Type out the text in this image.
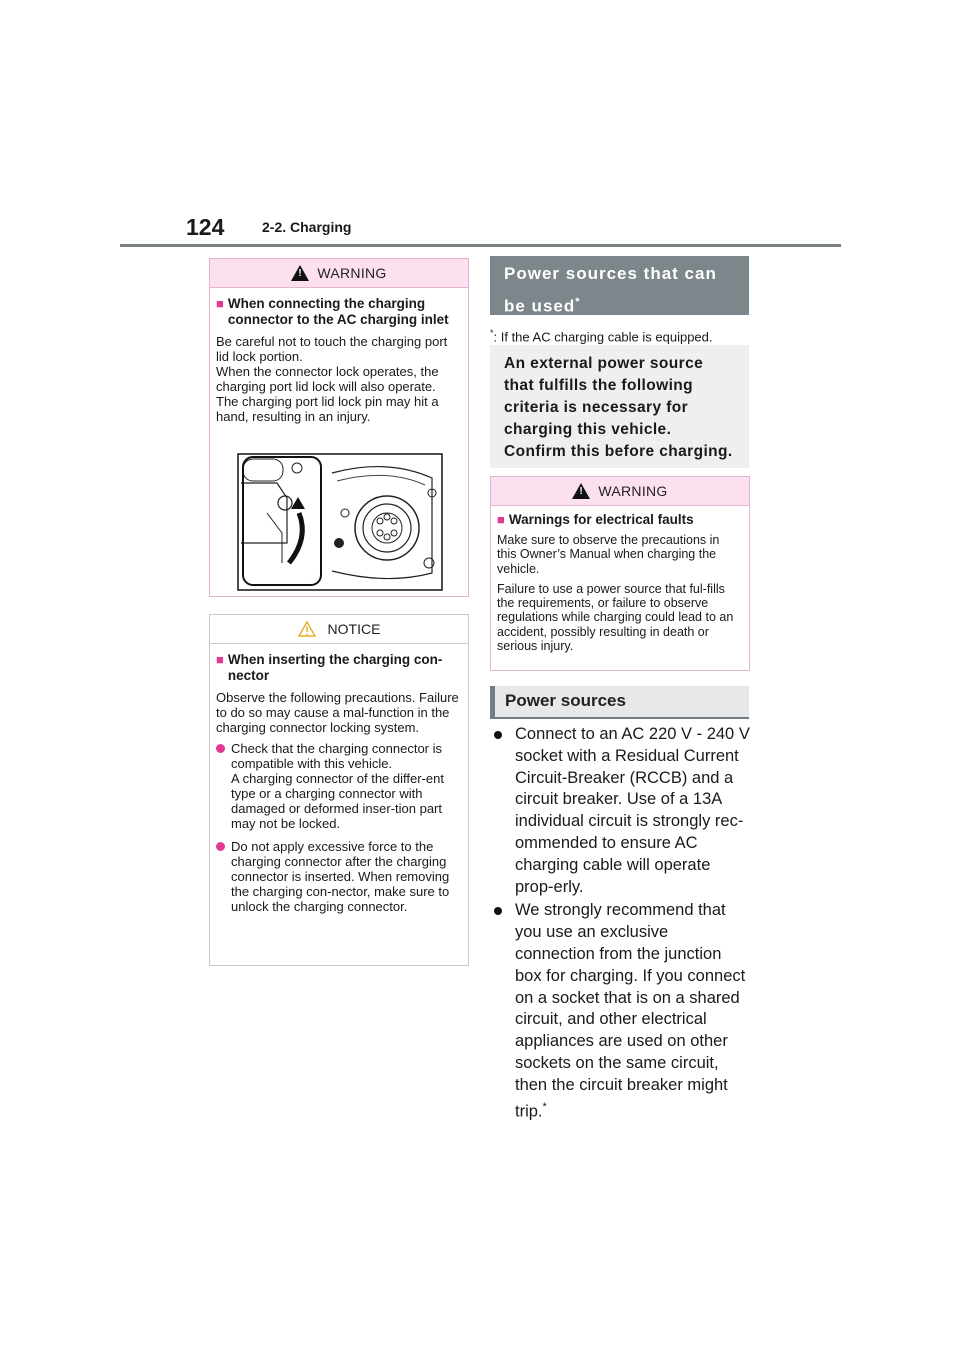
124	2-2. Charging
!
WARNING
■ When connecting the charging connector to the AC charging inlet

Be careful not to touch the charging port lid lock portion.
When the connector lock operates, the charging port lid lock will also operate. The charging port lid lock pin may hit a hand, resulting in an injury.

NOTICE
■ When inserting the charging con-nector

Observe the following precautions. Failure to do so may cause a mal-function in the charging connector locking system.

Check that the charging connector is compatible with this vehicle.
A charging connector of the differ-ent type or a charging connector with damaged or deformed inser-tion part may not be locked.
Do not apply excessive force to the charging connector after the charging connector is inserted. When removing the charging con-nector, make sure to unlock the charging connector.
Power sources that can be used*
*: If the AC charging cable is equipped.
An external power source that fulfills the following criteria is necessary for charging this vehicle. Confirm this before charging.
!
WARNING
■ Warnings for electrical faults

Make sure to observe the precautions in this Owner’s Manual when charging the vehicle.

Failure to use a power source that ful-fills the requirements, or failure to observe regulations while charging could lead to an accident, possibly resulting in death or serious injury.

Power sources
Connect to an AC 220 V - 240 V socket with a Residual Current Circuit-Breaker (RCCB) and a circuit breaker. Use of a 13A individual circuit is strongly rec-ommended to ensure AC charging cable will operate prop-erly.
We strongly recommend that you use an exclusive connection from the junction box for charging. If you connect on a socket that is on a shared circuit, and other electrical appliances are used on other sockets on the same circuit, then the circuit breaker might trip.*
